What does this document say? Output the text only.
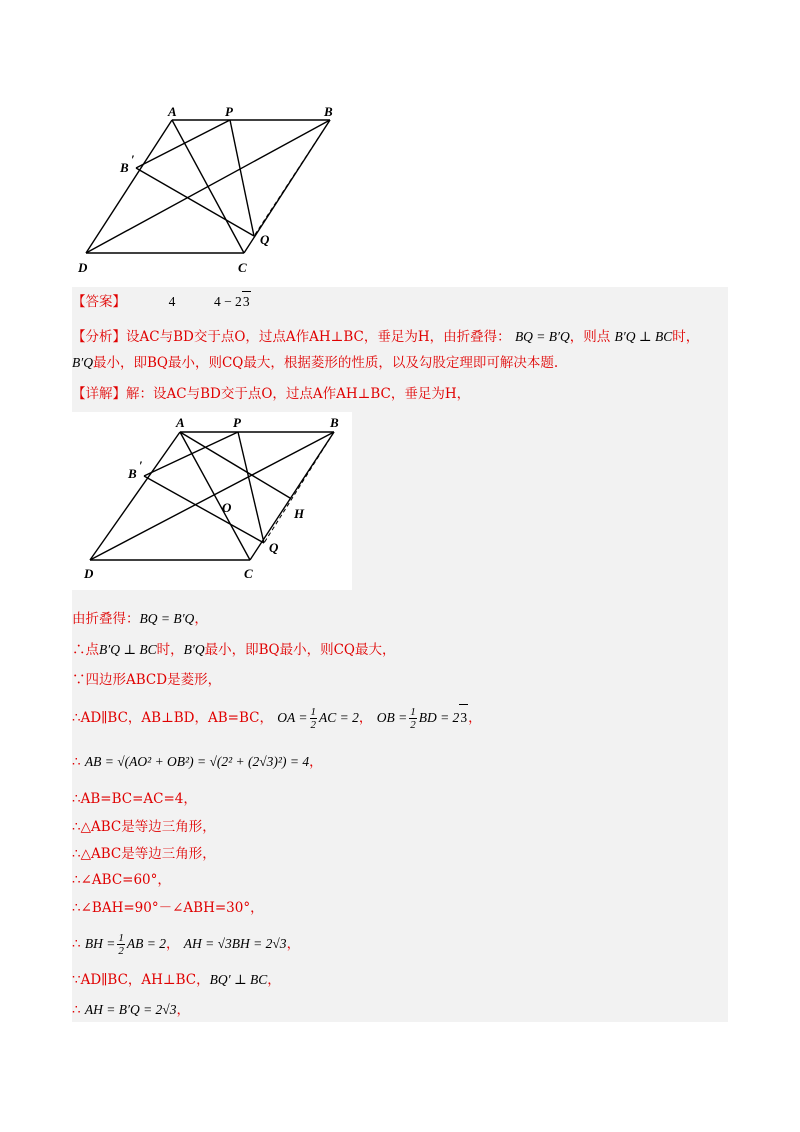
A	P	B
B
′
Q
D	C
【答案】	4	4 − 23
【分析】设AC与BD交于点O，过点A作AH⊥BC，垂足为H，由折叠得： BQ = B′Q，则点 B′Q ⊥ BC时，
B′Q最小，即BQ最小，则CQ最大，根据菱形的性质，以及勾股定理即可解决本题.
【详解】解：设AC与BD交于点O，过点A作AH⊥BC，垂足为H，
A	P	B
B
′
O	H
Q
D	C
由折叠得：BQ = B′Q，
∴点B′Q ⊥ BC时，B′Q最小，即BQ最小，则CQ最大，
∵四边形ABCD是菱形，
∴AD∥BC，AB⊥BD，AB=BC， OA = $\frac{1}{2}$ AC = 2， OB = $\frac{1}{2}$ BD = 23，
∴ AB = √(AO² + OB²) = √(2² + (2√3)²) = 4，
∴AB=BC=AC=4，
∴△ABC是等边三角形，
∴△ABC是等边三角形，
∴∠ABC=60°，
∴∠BAH=90°－∠ABH=30°，
∴ BH = $\frac{1}{2}$ AB = 2， AH = √3BH = 2√3，
∵AD∥BC，AH⊥BC，BQ′ ⊥ BC，
∴ AH = B′Q = 2√3，
